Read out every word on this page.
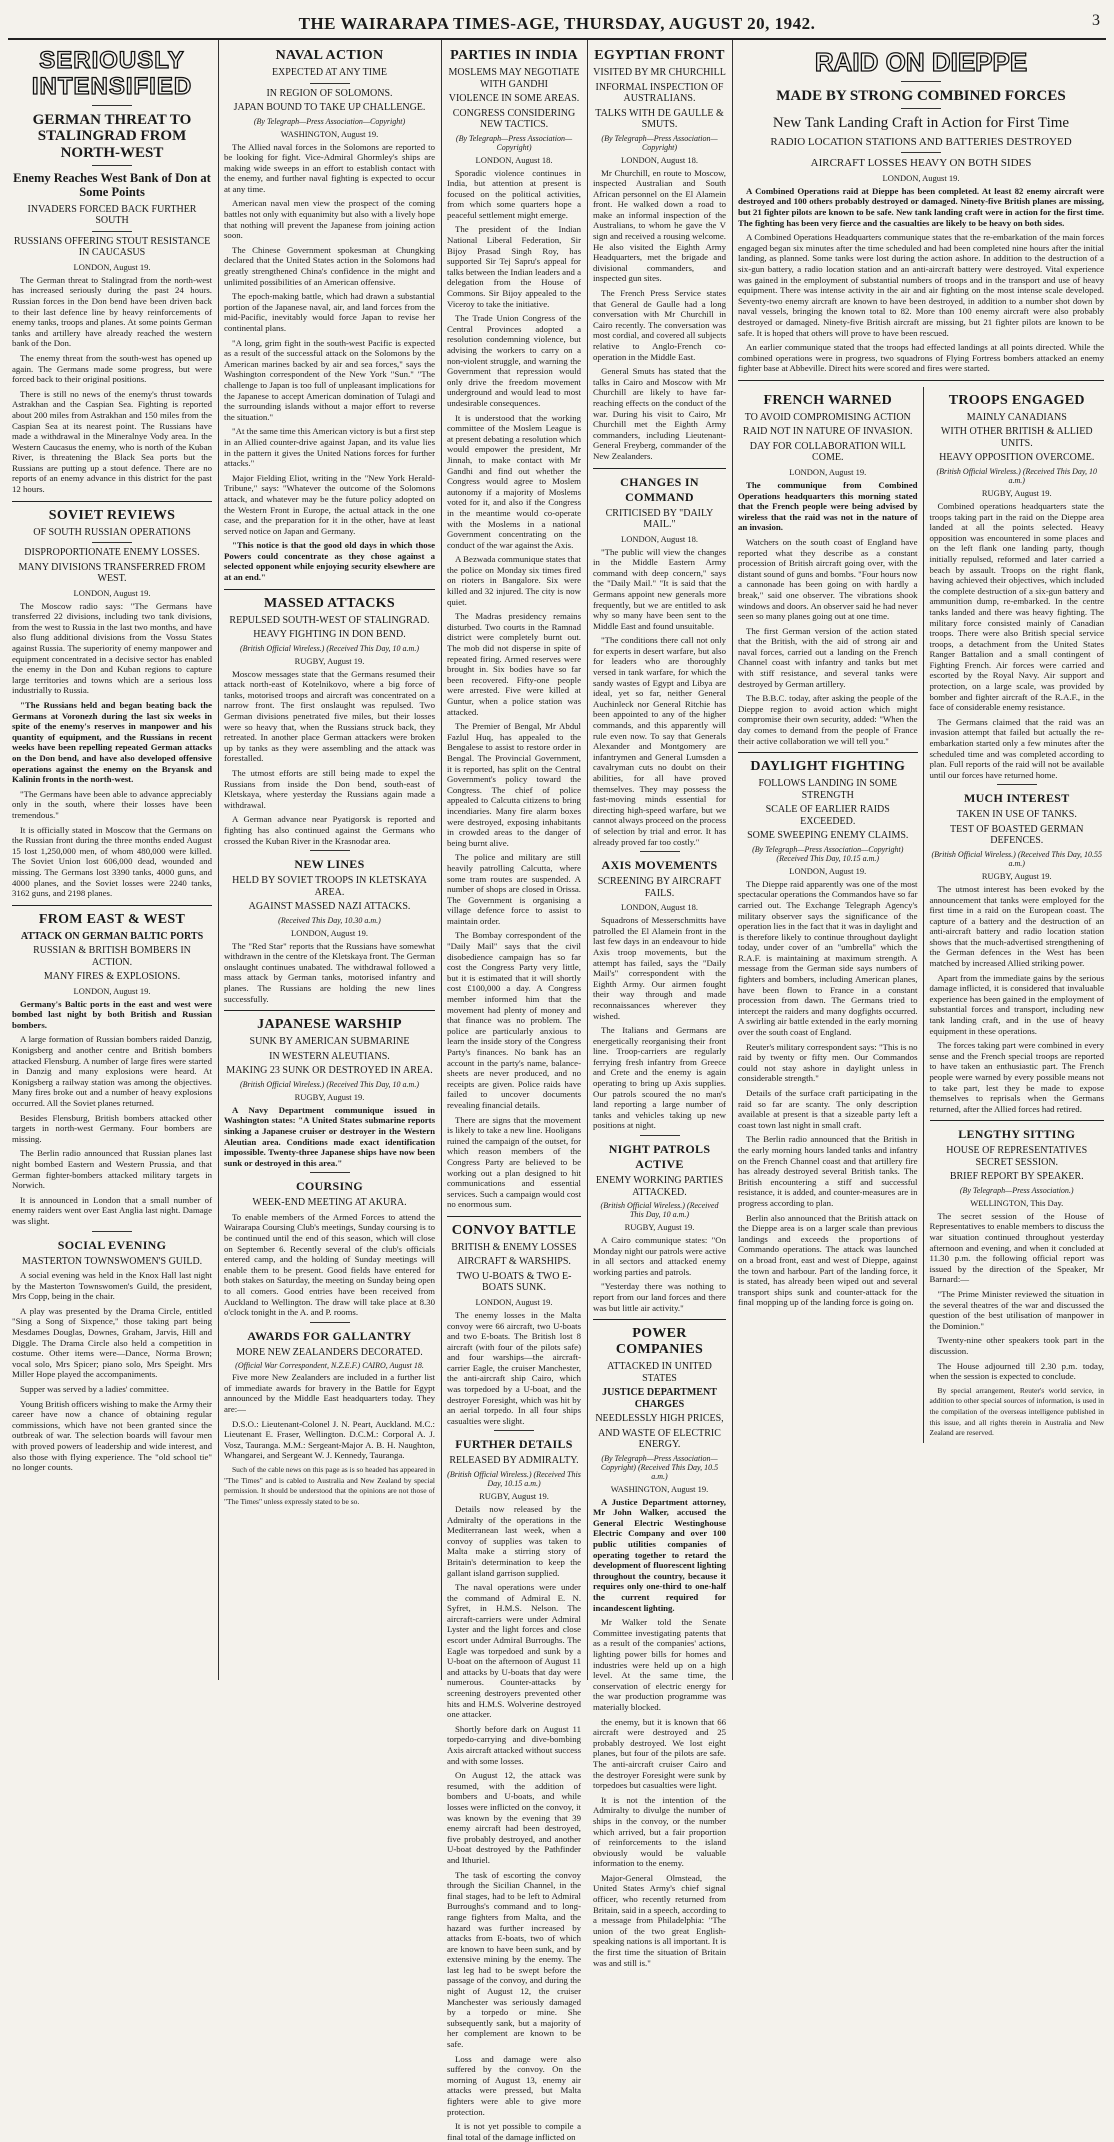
THE WAIRARAPA TIMES-AGE, THURSDAY, AUGUST 20, 1942.	3
SERIOUSLY INTENSIFIED
GERMAN THREAT TO STALINGRAD FROM NORTH-WEST
Enemy Reaches West Bank of Don at Some Points
INVADERS FORCED BACK FURTHER SOUTH
RUSSIANS OFFERING STOUT RESISTANCE IN CAUCASUS
LONDON, August 19.

The German threat to Stalingrad from the north-west has increased seriously during the past 24 hours. Russian forces in the Don bend have been driven back to their last defence line by heavy reinforcements of enemy tanks, troops and planes. At some points German tanks and artillery have already reached the western bank of the Don.

The enemy threat from the south-west has opened up again. The Germans made some progress, but were forced back to their original positions.

There is still no news of the enemy's thrust towards Astrakhan and the Caspian Sea. Fighting is reported about 200 miles from Astrakhan and 150 miles from the Caspian Sea at its nearest point. The Russians have made a withdrawal in the Mineralnye Vody area. In the Western Caucasus the enemy, who is north of the Kuban River, is threatening the Black Sea ports but the Russians are putting up a stout defence. There are no reports of an enemy advance in this district for the past 12 hours.

SOVIET REVIEWS
OF SOUTH RUSSIAN OPERATIONS
DISPROPORTIONATE ENEMY LOSSES.
MANY DIVISIONS TRANSFERRED FROM WEST.
LONDON, August 19.

The Moscow radio says: "The Germans have transferred 22 divisions, including two tank divisions, from the west to Russia in the last two months, and have also flung additional divisions from the Vossu States against Russia. The superiority of enemy manpower and equipment concentrated in a decisive sector has enabled the enemy in the Don and Kuban regions to capture large territories and towns which are a serious loss industrially to Russia.

"The Russians held and began beating back the Germans at Voronezh during the last six weeks in spite of the enemy's reserves in manpower and his quantity of equipment, and the Russians in recent weeks have been repelling repeated German attacks on the Don bend, and have also developed offensive operations against the enemy on the Bryansk and Kalinin fronts in the north-west.

"The Germans have been able to advance appreciably only in the south, where their losses have been tremendous."

It is officially stated in Moscow that the Germans on the Russian front during the three months ended August 15 lost 1,250,000 men, of whom 480,000 were killed. The Soviet Union lost 606,000 dead, wounded and missing. The Germans lost 3390 tanks, 4000 guns, and 4000 planes, and the Soviet losses were 2240 tanks, 3162 guns, and 2198 planes.

FROM EAST & WEST
ATTACK ON GERMAN BALTIC PORTS
RUSSIAN & BRITISH BOMBERS IN ACTION.
MANY FIRES & EXPLOSIONS.
LONDON, August 19.

Germany's Baltic ports in the east and west were bombed last night by both British and Russian bombers.

A large formation of Russian bombers raided Danzig, Konigsberg and another centre and British bombers attacked Flensburg. A number of large fires were started in Danzig and many explosions were heard. At Konigsberg a railway station was among the objectives. Many fires broke out and a number of heavy explosions occurred. All the Soviet planes returned.

Besides Flensburg, British bombers attacked other targets in north-west Germany. Four bombers are missing.

The Berlin radio announced that Russian planes last night bombed Eastern and Western Prussia, and that German fighter-bombers attacked military targets in Norwich.

It is announced in London that a small number of enemy raiders went over East Anglia last night. Damage was slight.

SOCIAL EVENING
MASTERTON TOWNSWOMEN'S GUILD.

A social evening was held in the Knox Hall last night by the Masterton Townswomen's Guild, the president, Mrs Copp, being in the chair.

A play was presented by the Drama Circle, entitled "Sing a Song of Sixpence," those taking part being Mesdames Douglas, Downes, Graham, Jarvis, Hill and Diggle. The Drama Circle also held a competition in costume. Other items were—Dance, Norma Brown; vocal solo, Mrs Spicer; piano solo, Mrs Speight. Mrs Miller Hope played the accompaniments.

Supper was served by a ladies' committee.

Young British officers wishing to make the Army their career have now a chance of obtaining regular commissions, which have not been granted since the outbreak of war. The selection boards will favour men with proved powers of leadership and wide interest, and also those with flying experience. The "old school tie" no longer counts.

NAVAL ACTION
EXPECTED AT ANY TIME
IN REGION OF SOLOMONS.
JAPAN BOUND TO TAKE UP CHALLENGE.
(By Telegraph—Press Association—Copyright)
WASHINGTON, August 19.

The Allied naval forces in the Solomons are reported to be looking for fight. Vice-Admiral Ghormley's ships are making wide sweeps in an effort to establish contact with the enemy, and further naval fighting is expected to occur at any time.

American naval men view the prospect of the coming battles not only with equanimity but also with a lively hope that nothing will prevent the Japanese from joining action soon.

The Chinese Government spokesman at Chungking declared that the United States action in the Solomons had greatly strengthened China's confidence in the might and unlimited possibilities of an American offensive.

The epoch-making battle, which had drawn a substantial portion of the Japanese naval, air, and land forces from the mid-Pacific, inevitably would force Japan to revise her continental plans.

"A long, grim fight in the south-west Pacific is expected as a result of the successful attack on the Solomons by the American marines backed by air and sea forces," says the Washington correspondent of the New York "Sun." "The challenge to Japan is too full of unpleasant implications for the Japanese to accept American domination of Tulagi and the surrounding islands without a major effort to reverse the situation."

"At the same time this American victory is but a first step in an Allied counter-drive against Japan, and its value lies in the pattern it gives the United Nations forces for further attacks."

Major Fielding Eliot, writing in the "New York Herald-Tribune," says: "Whatever the outcome of the Solomons attack, and whatever may be the future policy adopted on the Western Front in Europe, the actual attack in the one case, and the preparation for it in the other, have at least served notice on Japan and Germany.

"This notice is that the good old days in which those Powers could concentrate as they chose against a selected opponent while enjoying security elsewhere are at an end."

MASSED ATTACKS
REPULSED SOUTH-WEST OF STALINGRAD.
HEAVY FIGHTING IN DON BEND.
(British Official Wireless.) (Received This Day, 10 a.m.)
RUGBY, August 19.

Moscow messages state that the Germans resumed their attack north-east of Kotelnikovo, where a big force of tanks, motorised troops and aircraft was concentrated on a narrow front. The first onslaught was repulsed. Two German divisions penetrated five miles, but their losses were so heavy that, when the Russians struck back, they retreated. In another place German attackers were broken up by tanks as they were assembling and the attack was forestalled.

The utmost efforts are still being made to expel the Russians from inside the Don bend, south-east of Kletskaya, where yesterday the Russians again made a withdrawal.

A German advance near Pyatigorsk is reported and fighting has also continued against the Germans who crossed the Kuban River in the Krasnodar area.

NEW LINES
HELD BY SOVIET TROOPS IN KLETSKAYA AREA.
AGAINST MASSED NAZI ATTACKS.
(Received This Day, 10.30 a.m.)
LONDON, August 19.

The "Red Star" reports that the Russians have somewhat withdrawn in the centre of the Kletskaya front. The German onslaught continues unabated. The withdrawal followed a mass attack by German tanks, motorised infantry and planes. The Russians are holding the new lines successfully.

JAPANESE WARSHIP
SUNK BY AMERICAN SUBMARINE
IN WESTERN ALEUTIANS.
MAKING 23 SUNK OR DESTROYED IN AREA.
(British Official Wireless.) (Received This Day, 10 a.m.)
RUGBY, August 19.

A Navy Department communique issued in Washington states: "A United States submarine reports sinking a Japanese cruiser or destroyer in the Western Aleutian area. Conditions made exact identification impossible. Twenty-three Japanese ships have now been sunk or destroyed in this area."

COURSING
WEEK-END MEETING AT AKURA.

To enable members of the Armed Forces to attend the Wairarapa Coursing Club's meetings, Sunday coursing is to be continued until the end of this season, which will close on September 6. Recently several of the club's officials entered camp, and the holding of Sunday meetings will enable them to be present. Good fields have entered for both stakes on Saturday, the meeting on Sunday being open to all comers. Good entries have been received from Auckland to Wellington. The draw will take place at 8.30 o'clock tonight in the A. and P. rooms.

AWARDS FOR GALLANTRY
MORE NEW ZEALANDERS DECORATED.
(Official War Correspondent, N.Z.E.F.) CAIRO, August 18.

Five more New Zealanders are included in a further list of immediate awards for bravery in the Battle for Egypt announced by the Middle East headquarters today. They are:—

D.S.O.: Lieutenant-Colonel J. N. Peart, Auckland. M.C.: Lieutenant E. Fraser, Wellington. D.C.M.: Corporal A. J. Vosz, Tauranga. M.M.: Sergeant-Major A. B. H. Naughton, Whangarei, and Sergeant W. J. Kennedy, Tauranga.

Such of the cable news on this page as is so headed has appeared in "The Times" and is cabled to Australia and New Zealand by special permission. It should be understood that the opinions are not those of "The Times" unless expressly stated to be so.

PARTIES IN INDIA
MOSLEMS MAY NEGOTIATE WITH GANDHI
VIOLENCE IN SOME AREAS.
CONGRESS CONSIDERING NEW TACTICS.
(By Telegraph—Press Association—Copyright)
LONDON, August 18.

Sporadic violence continues in India, but attention at present is focused on the political activities, from which some quarters hope a peaceful settlement might emerge.

The president of the Indian National Liberal Federation, Sir Bijoy Prasad Singh Roy, has supported Sir Tej Sapru's appeal for talks between the Indian leaders and a delegation from the House of Commons. Sir Bijoy appealed to the Viceroy to take the initiative.

The Trade Union Congress of the Central Provinces adopted a resolution condemning violence, but advising the workers to carry on a non-violent struggle, and warning the Government that repression would only drive the freedom movement underground and would lead to most undesirable consequences.

It is understood that the working committee of the Moslem League is at present debating a resolution which would empower the president, Mr Jinnah, to make contact with Mr Gandhi and find out whether the Congress would agree to Moslem autonomy if a majority of Moslems voted for it, and also if the Congress in the meantime would co-operate with the Moslems in a national Government concentrating on the conduct of the war against the Axis.

A Bezwada communique states that the police on Monday six times fired on rioters in Bangalore. Six were killed and 32 injured. The city is now quiet.

The Madras presidency remains disturbed. Two courts in the Ramnad district were completely burnt out. The mob did not disperse in spite of repeated firing. Armed reserves were brought in. Six bodies have so far been recovered. Fifty-one people were arrested. Five were killed at Guntur, when a police station was attacked.

The Premier of Bengal, Mr Abdul Fazlul Huq, has appealed to the Bengalese to assist to restore order in Bengal. The Provincial Government, it is reported, has split on the Central Government's policy toward the Congress. The chief of police appealed to Calcutta citizens to bring incendiaries. Many fire alarm boxes were destroyed, exposing inhabitants in crowded areas to the danger of being burnt alive.

The police and military are still heavily patrolling Calcutta, where some tram routes are suspended. A number of shops are closed in Orissa. The Government is organising a village defence force to assist to maintain order.

The Bombay correspondent of the "Daily Mail" says that the civil disobedience campaign has so far cost the Congress Party very little, but it is estimated that it will shortly cost £100,000 a day. A Congress member informed him that the movement had plenty of money and that finance was no problem. The police are particularly anxious to learn the inside story of the Congress Party's finances. No bank has an account in the party's name, balance-sheets are never produced, and no receipts are given. Police raids have failed to uncover documents revealing financial details.

There are signs that the movement is likely to take a new line. Hooligans ruined the campaign of the outset, for which reason members of the Congress Party are believed to be working out a plan designed to hit communications and essential services. Such a campaign would cost no enormous sum.

CONVOY BATTLE
BRITISH & ENEMY LOSSES
AIRCRAFT & WARSHIPS.
TWO U-BOATS & TWO E-BOATS SUNK.
LONDON, August 19.

The enemy losses in the Malta convoy were 66 aircraft, two U-boats and two E-boats. The British lost 8 aircraft (with four of the pilots safe) and four warships—the aircraft-carrier Eagle, the cruiser Manchester, the anti-aircraft ship Cairo, which was torpedoed by a U-boat, and the destroyer Foresight, which was hit by an aerial torpedo. In all four ships casualties were slight.

FURTHER DETAILS
RELEASED BY ADMIRALTY.
(British Official Wireless.) (Received This Day, 10.15 a.m.)
RUGBY, August 19.

Details now released by the Admiralty of the operations in the Mediterranean last week, when a convoy of supplies was taken to Malta make a stirring story of Britain's determination to keep the gallant island garrison supplied.

The naval operations were under the command of Admiral E. N. Syfret, in H.M.S. Nelson. The aircraft-carriers were under Admiral Lyster and the light forces and close escort under Admiral Burroughs. The Eagle was torpedoed and sunk by a U-boat on the afternoon of August 11 and attacks by U-boats that day were numerous. Counter-attacks by screening destroyers prevented other hits and H.M.S. Wolverine destroyed one attacker.

Shortly before dark on August 11 torpedo-carrying and dive-bombing Axis aircraft attacked without success and with some losses.

On August 12, the attack was resumed, with the addition of bombers and U-boats, and while losses were inflicted on the convoy, it was known by the evening that 39 enemy aircraft had been destroyed, five probably destroyed, and another U-boat destroyed by the Pathfinder and Ithuriel.

The task of escorting the convoy through the Sicilian Channel, in the final stages, had to be left to Admiral Burroughs's command and to long-range fighters from Malta, and the hazard was further increased by attacks from E-boats, two of which are known to have been sunk, and by extensive mining by the enemy. The last leg had to be swept before the passage of the convoy, and during the night of August 12, the cruiser Manchester was seriously damaged by a torpedo or mine. She subsequently sank, but a majority of her complement are known to be safe.

Loss and damage were also suffered by the convoy. On the morning of August 13, enemy air attacks were pressed, but Malta fighters were able to give more protection.

It is not yet possible to compile a final total of the damage inflicted on

EGYPTIAN FRONT
VISITED BY MR CHURCHILL
INFORMAL INSPECTION OF AUSTRALIANS.
TALKS WITH DE GAULLE & SMUTS.
(By Telegraph—Press Association—Copyright)
LONDON, August 18.

Mr Churchill, en route to Moscow, inspected Australian and South African personnel on the El Alamein front. He walked down a road to make an informal inspection of the Australians, to whom he gave the V sign and received a rousing welcome. He also visited the Eighth Army Headquarters, met the brigade and divisional commanders, and inspected gun sites.

The French Press Service states that General de Gaulle had a long conversation with Mr Churchill in Cairo recently. The conversation was most cordial, and covered all subjects relative to Anglo-French co-operation in the Middle East.

General Smuts has stated that the talks in Cairo and Moscow with Mr Churchill are likely to have far-reaching effects on the conduct of the war. During his visit to Cairo, Mr Churchill met the Eighth Army commanders, including Lieutenant-General Freyberg, commander of the New Zealanders.

CHANGES IN COMMAND
CRITICISED BY "DAILY MAIL."
LONDON, August 18.

"The public will view the changes in the Middle Eastern Army command with deep concern," says the "Daily Mail." "It is said that the Germans appoint new generals more frequently, but we are entitled to ask why so many have been sent to the Middle East and found unsuitable.

"The conditions there call not only for experts in desert warfare, but also for leaders who are thoroughly versed in tank warfare, for which the sandy wastes of Egypt and Libya are ideal, yet so far, neither General Auchinleck nor General Ritchie has been appointed to any of the higher commands, and this apparently will rule even now. To say that Generals Alexander and Montgomery are infantrymen and General Lumsden a cavalryman cuts no doubt on their abilities, for all have proved themselves. They may possess the fast-moving minds essential for directing high-speed warfare, but we cannot always proceed on the process of selection by trial and error. It has already proved far too costly."

AXIS MOVEMENTS
SCREENING BY AIRCRAFT FAILS.
LONDON, August 18.

Squadrons of Messerschmitts have patrolled the El Alamein front in the last few days in an endeavour to hide Axis troop movements, but the attempt has failed, says the "Daily Mail's" correspondent with the Eighth Army. Our airmen fought their way through and made reconnaissances wherever they wished.

The Italians and Germans are energetically reorganising their front line. Troop-carriers are regularly ferrying fresh infantry from Greece and Crete and the enemy is again operating to bring up Axis supplies. Our patrols scoured the no man's land reporting a large number of tanks and vehicles taking up new positions at night.

NIGHT PATROLS ACTIVE
ENEMY WORKING PARTIES ATTACKED.
(British Official Wireless.) (Received This Day, 10 a.m.)
RUGBY, August 19.

A Cairo communique states: "On Monday night our patrols were active in all sectors and attacked enemy working parties and patrols.

"Yesterday there was nothing to report from our land forces and there was but little air activity."

POWER COMPANIES
ATTACKED IN UNITED STATES
JUSTICE DEPARTMENT CHARGES
NEEDLESSLY HIGH PRICES,
AND WASTE OF ELECTRIC ENERGY.
(By Telegraph—Press Association—Copyright) (Received This Day, 10.5 a.m.)
WASHINGTON, August 19.

A Justice Department attorney, Mr John Walker, accused the General Electric Westinghouse Electric Company and over 100 public utilities companies of operating together to retard the development of fluorescent lighting throughout the country, because it requires only one-third to one-half the current required for incandescent lighting.

Mr Walker told the Senate Committee investigating patents that as a result of the companies' actions, lighting power bills for homes and industries were held up on a high level. At the same time, the conservation of electric energy for the war production programme was materially blocked.

the enemy, but it is known that 66 aircraft were destroyed and 25 probably destroyed. We lost eight planes, but four of the pilots are safe. The anti-aircraft cruiser Cairo and the destroyer Foresight were sunk by torpedoes but casualties were light.

It is not the intention of the Admiralty to divulge the number of ships in the convoy, or the number which arrived, but a fair proportion of reinforcements to the island obviously would be valuable information to the enemy.

Major-General Olmstead, the United States Army's chief signal officer, who recently returned from Britain, said in a speech, according to a message from Philadelphia: "The union of the two great English-speaking nations is all important. It is the first time the situation of Britain was and still is."

RAID ON DIEPPE
MADE BY STRONG COMBINED FORCES
New Tank Landing Craft in Action for First Time
RADIO LOCATION STATIONS AND BATTERIES DESTROYED
AIRCRAFT LOSSES HEAVY ON BOTH SIDES
LONDON, August 19.

A Combined Operations raid at Dieppe has been completed. At least 82 enemy aircraft were destroyed and 100 others probably destroyed or damaged. Ninety-five British planes are missing, but 21 fighter pilots are known to be safe. New tank landing craft were in action for the first time. The fighting has been very fierce and the casualties are likely to be heavy on both sides.

A Combined Operations Headquarters communique states that the re-embarkation of the main forces engaged began six minutes after the time scheduled and had been completed nine hours after the initial landing, as planned. Some tanks were lost during the action ashore. In addition to the destruction of a six-gun battery, a radio location station and an anti-aircraft battery were destroyed. Vital experience was gained in the employment of substantial numbers of troops and in the transport and use of heavy equipment. There was intense activity in the air and air fighting on the most intense scale developed. Seventy-two enemy aircraft are known to have been destroyed, in addition to a number shot down by naval vessels, bringing the known total to 82. More than 100 enemy aircraft were also probably destroyed or damaged. Ninety-five British aircraft are missing, but 21 fighter pilots are known to be safe. It is hoped that others will prove to have been rescued.

An earlier communique stated that the troops had effected landings at all points directed. While the combined operations were in progress, two squadrons of Flying Fortress bombers attacked an enemy fighter base at Abbeville. Direct hits were scored and fires were started.

FRENCH WARNED
TO AVOID COMPROMISING ACTION
RAID NOT IN NATURE OF INVASION.
DAY FOR COLLABORATION WILL COME.
LONDON, August 19.

The communique from Combined Operations headquarters this morning stated that the French people were being advised by wireless that the raid was not in the nature of an invasion.

Watchers on the south coast of England have reported what they describe as a constant procession of British aircraft going over, with the distant sound of guns and bombs. "Four hours now a cannonade has been going on with hardly a break," said one observer. The vibrations shook windows and doors. An observer said he had never seen so many planes going out at one time.

The first German version of the action stated that the British, with the aid of strong air and naval forces, carried out a landing on the French Channel coast with infantry and tanks but met with stiff resistance, and several tanks were destroyed by German artillery.

The B.B.C. today, after asking the people of the Dieppe region to avoid action which might compromise their own security, added: "When the day comes to demand from the people of France their active collaboration we will tell you."

DAYLIGHT FIGHTING
FOLLOWS LANDING IN SOME STRENGTH
SCALE OF EARLIER RAIDS EXCEEDED.
SOME SWEEPING ENEMY CLAIMS.
(By Telegraph—Press Association—Copyright) (Received This Day, 10.15 a.m.)
LONDON, August 19.

The Dieppe raid apparently was one of the most spectacular operations the Commandos have so far carried out. The Exchange Telegraph Agency's military observer says the significance of the operation lies in the fact that it was in daylight and is therefore likely to continue throughout daylight today, under cover of an "umbrella" which the R.A.F. is maintaining at maximum strength. A message from the German side says numbers of fighters and bombers, including American planes, have been flown to France in a constant procession from dawn. The Germans tried to intercept the raiders and many dogfights occurred. A swirling air battle extended in the early morning over the south coast of England.

Reuter's military correspondent says: "This is no raid by twenty or fifty men. Our Commandos could not stay ashore in daylight unless in considerable strength."

Details of the surface craft participating in the raid so far are scanty. The only description available at present is that a sizeable party left a coast town last night in small craft.

The Berlin radio announced that the British in the early morning hours landed tanks and infantry on the French Channel coast and that artillery fire has already destroyed several British tanks. The British encountering a stiff and successful resistance, it is added, and counter-measures are in progress according to plan.

Berlin also announced that the British attack on the Dieppe area is on a larger scale than previous landings and exceeds the proportions of Commando operations. The attack was launched on a broad front, east and west of Dieppe, against the town and harbour. Part of the landing force, it is stated, has already been wiped out and several transport ships sunk and counter-attack for the final mopping up of the landing force is going on.

TROOPS ENGAGED
MAINLY CANADIANS
WITH OTHER BRITISH & ALLIED UNITS.
HEAVY OPPOSITION OVERCOME.
(British Official Wireless.) (Received This Day, 10 a.m.)
RUGBY, August 19.

Combined operations headquarters state the troops taking part in the raid on the Dieppe area landed at all the points selected. Heavy opposition was encountered in some places and on the left flank one landing party, though initially repulsed, reformed and later carried a beach by assault. Troops on the right flank, having achieved their objectives, which included the complete destruction of a six-gun battery and ammunition dump, re-embarked. In the centre tanks landed and there was heavy fighting. The military force consisted mainly of Canadian troops. There were also British special service troops, a detachment from the United States Ranger Battalion and a small contingent of Fighting French. Air forces were carried and escorted by the Royal Navy. Air support and protection, on a large scale, was provided by bomber and fighter aircraft of the R.A.F., in the face of considerable enemy resistance.

The Germans claimed that the raid was an invasion attempt that failed but actually the re-embarkation started only a few minutes after the scheduled time and was completed according to plan. Full reports of the raid will not be available until our forces have returned home.

MUCH INTEREST
TAKEN IN USE OF TANKS.
TEST OF BOASTED GERMAN DEFENCES.
(British Official Wireless.) (Received This Day, 10.55 a.m.)
RUGBY, August 19.

The utmost interest has been evoked by the announcement that tanks were employed for the first time in a raid on the European coast. The capture of a battery and the destruction of an anti-aircraft battery and radio location station shows that the much-advertised strengthening of the German defences in the West has been matched by increased Allied striking power.

Apart from the immediate gains by the serious damage inflicted, it is considered that invaluable experience has been gained in the employment of substantial forces and transport, including new tank landing craft, and in the use of heavy equipment in these operations.

The forces taking part were combined in every sense and the French special troops are reported to have taken an enthusiastic part. The French people were warned by every possible means not to take part, lest they be made to expose themselves to reprisals when the Germans returned, after the Allied forces had retired.

LENGTHY SITTING
HOUSE OF REPRESENTATIVES SECRET SESSION.
BRIEF REPORT BY SPEAKER.
(By Telegraph—Press Association.)
WELLINGTON, This Day.

The secret session of the House of Representatives to enable members to discuss the war situation continued throughout yesterday afternoon and evening, and when it concluded at 11.30 p.m. the following official report was issued by the direction of the Speaker, Mr Barnard:—

"The Prime Minister reviewed the situation in the several theatres of the war and discussed the question of the best utilisation of manpower in the Dominion."

Twenty-nine other speakers took part in the discussion.

The House adjourned till 2.30 p.m. today, when the session is expected to conclude.

By special arrangement, Reuter's world service, in addition to other special sources of information, is used in the compilation of the overseas intelligence published in this issue, and all rights therein in Australia and New Zealand are reserved.
